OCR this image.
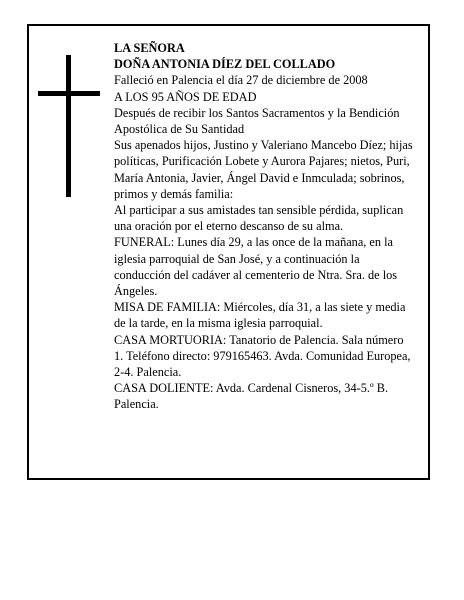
LA SEÑORA

DOÑA ANTONIA DÍEZ DEL COLLADO

Falleció en Palencia el día 27 de diciembre de 2008

A LOS 95 AÑOS DE EDAD

Después de recibir los Santos Sacramentos y la Bendición Apostólica de Su Santidad

Sus apenados hijos, Justino y Valeriano Mancebo Díez; hijas políticas, Purificación Lobete y Aurora Pajares; nietos, Puri, María Antonia, Javier, Ángel David e Inmculada; sobrinos, primos y demás familia:

Al participar a sus amistades tan sensible pérdida, suplican una oración por el eterno descanso de su alma.

FUNERAL: Lunes día 29, a las once de la mañana, en la iglesia parroquial de San José, y a continuación la conducción del cadáver al cementerio de Ntra. Sra. de los Ángeles.

MISA DE FAMILIA: Miércoles, día 31, a las siete y media de la tarde, en la misma iglesia parroquial.

CASA MORTUORIA: Tanatorio de Palencia. Sala número 1. Teléfono directo: 979165463. Avda. Comunidad Europea, 2-4. Palencia.

CASA DOLIENTE: Avda. Cardenal Cisneros, 34-5.º B. Palencia.
